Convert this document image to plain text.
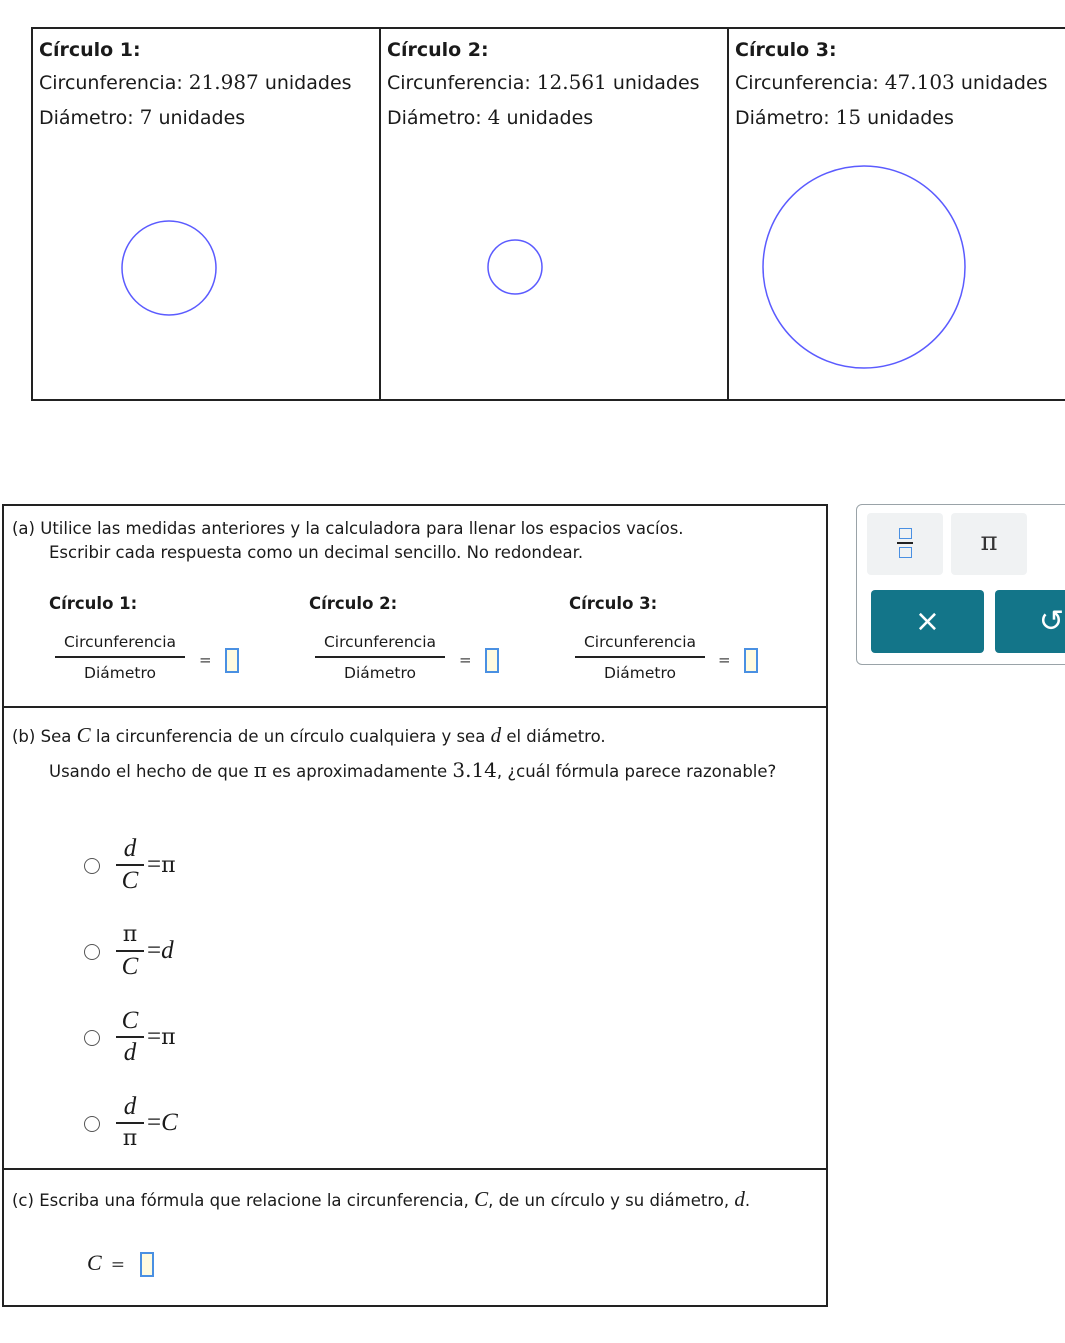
Círculo 1:
Circunferencia: 21.987 unidades
Diámetro: 7 unidades
Círculo 2:
Circunferencia: 12.561 unidades
Diámetro: 4 unidades
Círculo 3:
Circunferencia: 47.103 unidades
Diámetro: 15 unidades
(a) Utilice las medidas anteriores y la calculadora para llenar los espacios vacíos.
Escribir cada respuesta como un decimal sencillo. No redondear.
Círculo 1:	Círculo 2:	Círculo 3:
Circunferencia
Diámetro
=
Circunferencia
Diámetro
=
Circunferencia
Diámetro
=
(b) Sea C la circunferencia de un círculo cualquiera y sea d el diámetro.
Usando el hecho de que π es aproximadamente 3.14, ¿cuál fórmula parece razonable?
d
C
=π
π
C
=d
C
d
=π
d
π
=C
(c) Escriba una fórmula que relacione la circunferencia, C, de un círculo y su diámetro, d.
C =
π
×	↺
